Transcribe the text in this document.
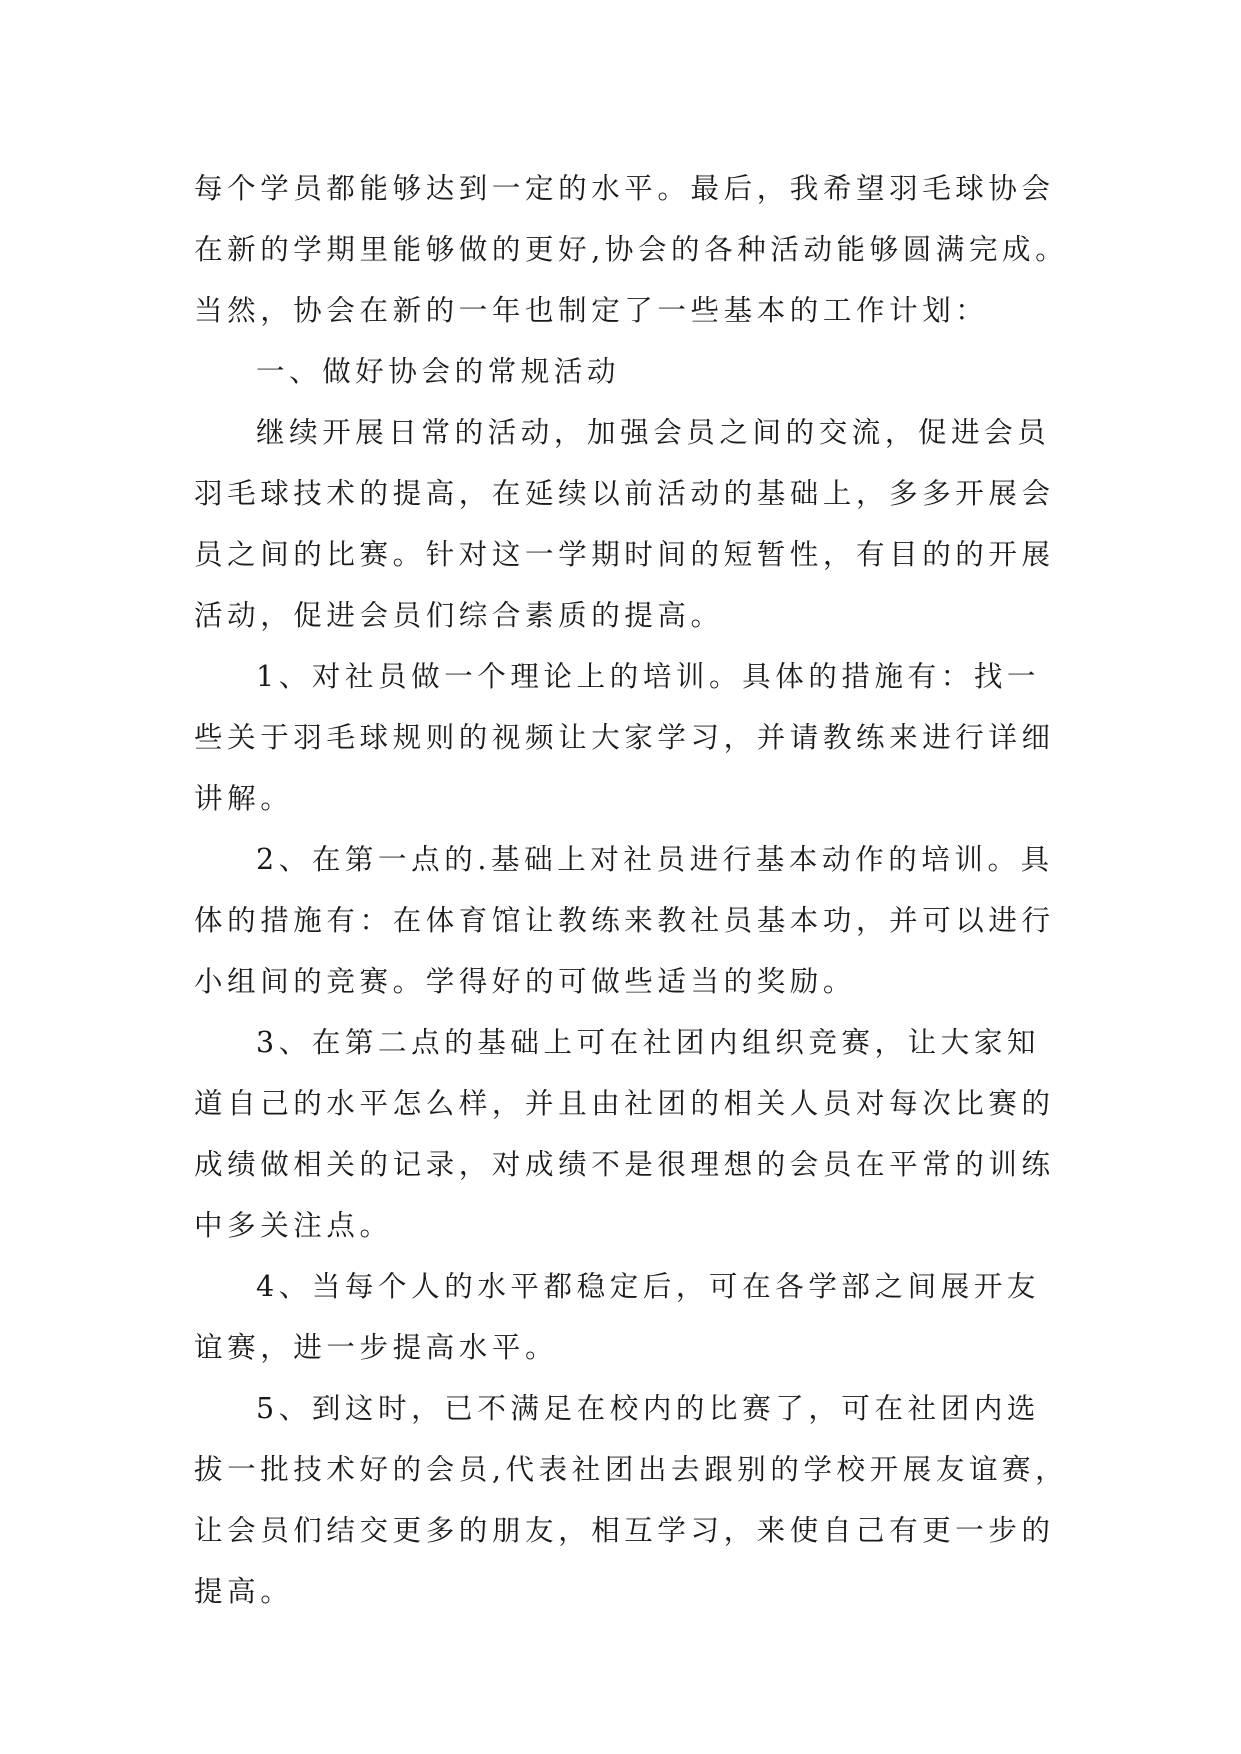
每个学员都能够达到一定的水平。最后，我希望羽毛球协会
在新的学期里能够做的更好,协会的各种活动能够圆满完成。
当然，协会在新的一年也制定了一些基本的工作计划：
一、做好协会的常规活动
继续开展日常的活动，加强会员之间的交流，促进会员
羽毛球技术的提高，在延续以前活动的基础上，多多开展会
员之间的比赛。针对这一学期时间的短暂性，有目的的开展
活动，促进会员们综合素质的提高。
1、对社员做一个理论上的培训。具体的措施有：找一
些关于羽毛球规则的视频让大家学习，并请教练来进行详细
讲解。
2、在第一点的.基础上对社员进行基本动作的培训。具
体的措施有：在体育馆让教练来教社员基本功，并可以进行
小组间的竞赛。学得好的可做些适当的奖励。
3、在第二点的基础上可在社团内组织竞赛，让大家知
道自己的水平怎么样，并且由社团的相关人员对每次比赛的
成绩做相关的记录，对成绩不是很理想的会员在平常的训练
中多关注点。
4、当每个人的水平都稳定后，可在各学部之间展开友
谊赛，进一步提高水平。
5、到这时，已不满足在校内的比赛了，可在社团内选
拔一批技术好的会员,代表社团出去跟别的学校开展友谊赛，
让会员们结交更多的朋友，相互学习，来使自己有更一步的
提高。
